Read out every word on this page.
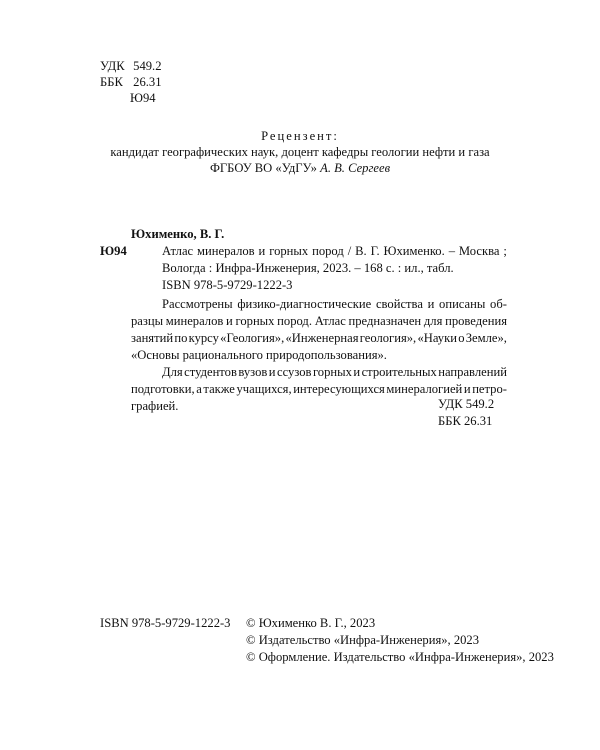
УДК 549.2
ББК 26.31
Ю94
Рецензент:
кандидат географических наук, доцент кафедры геологии нефти и газа
ФГБОУ ВО «УдГУ» А. В. Сергеев
Юхименко, В. Г.
Ю94	Атлас минералов и горных пород / В. Г. Юхименко. – Москва ;
Вологда : Инфра-Инженерия, 2023. – 168 с. : ил., табл.
ISBN 978-5-9729-1222-3
Рассмотрены физико-диагностические свойства и описаны об-
разцы минералов и горных пород. Атлас предназначен для проведения
занятий по курсу «Геология», «Инженерная геология», «Науки о Земле»,
«Основы рационального природопользования».
Для студентов вузов и ссузов горных и строительных направлений
подготовки, а также учащихся, интересующихся минералогией и петро-
графией.	УДК 549.2
ББК 26.31
ISBN 978-5-9729-1222-3 © Юхименко В. Г., 2023
© Издательство «Инфра-Инженерия», 2023
© Оформление. Издательство «Инфра-Инженерия», 2023
